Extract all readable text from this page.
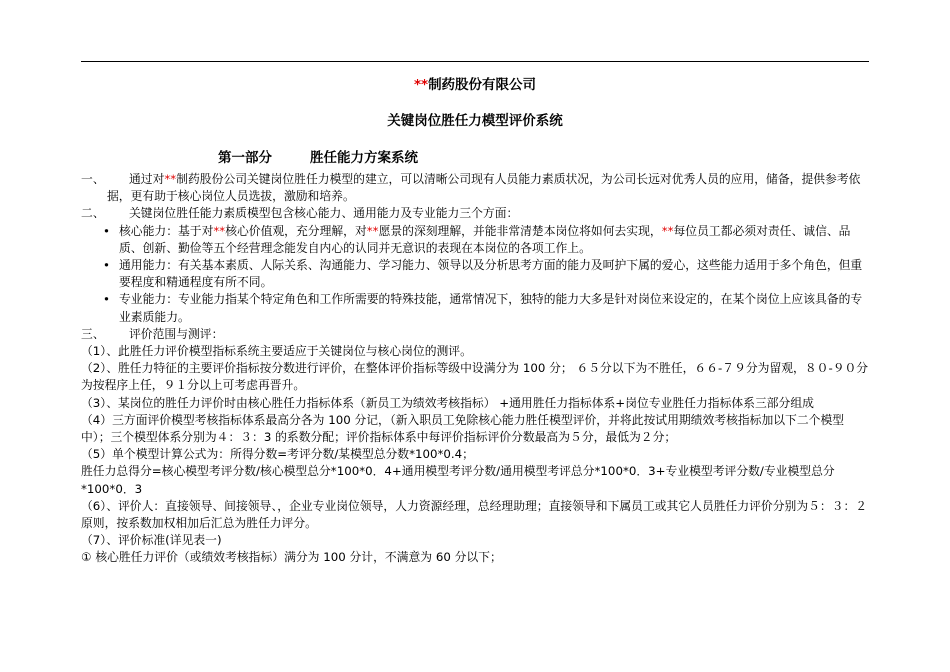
**制药股份有限公司
关键岗位胜任力模型评价系统
第一部分	胜任能力方案系统
一、 通过对**制药股份公司关键岗位胜任力模型的建立，可以清晰公司现有人员能力素质状况，为公司长远对优秀人员的应用，储备，提供参考依据，更有助于核心岗位人员选拔，激励和培养。
二、 关键岗位胜任能力素质模型包含核心能力、通用能力及专业能力三个方面：
• 核心能力：基于对**核心价值观，充分理解，对**愿景的深刻理解，并能非常清楚本岗位将如何去实现，**每位员工都必须对责任、诚信、品质、创新、勤俭等五个经营理念能发自内心的认同并无意识的表现在本岗位的各项工作上。
• 通用能力：有关基本素质、人际关系、沟通能力、学习能力、领导以及分析思考方面的能力及呵护下属的爱心，这些能力适用于多个角色，但重要程度和精通程度有所不同。
• 专业能力：专业能力指某个特定角色和工作所需要的特殊技能，通常情况下，独特的能力大多是针对岗位来设定的，在某个岗位上应该具备的专业素质能力。
三、 评价范围与测评：
（1）、此胜任力评价模型指标系统主要适应于关键岗位与核心岗位的测评。
（2）、胜任力特征的主要评价指标按分数进行评价，在整体评价指标等级中设满分为 100 分； ６５分以下为不胜任，６６-７９分为留观，８０-９０分为按程序上任，９１分以上可考虑再晋升。
（3）、某岗位的胜任力评价时由核心胜任力指标体系（新员工为绩效考核指标） +通用胜任力指标体系+岗位专业胜任力指标体系三部分组成
（4）三方面评价模型考核指标体系最高分各为 100 分记，（新入职员工免除核心能力胜任模型评价，并将此按试用期绩效考核指标加以下二个模型中）；三个模型体系分别为４：３：3 的系数分配；评价指标体系中每评价指标评价分数最高为５分，最低为２分；
（5）单个模型计算公式为：所得分数=考评分数/某模型总分数*100*0.4；
胜任力总得分=核心模型考评分数/核心模型总分*100*0．4+通用模型考评分数/通用模型考评总分*100*0．3+专业模型考评分数/专业模型总分*100*0．3
（6）、评价人：直接领导、间接领导、，企业专业岗位领导，人力资源经理，总经理助理；直接领导和下属员工或其它人员胜任力评价分别为５：３：２原则，按系数加权相加后汇总为胜任力评分。
（7）、评价标准(详见表一)
① 核心胜任力评价（或绩效考核指标）满分为 100 分计，不满意为 60 分以下；
